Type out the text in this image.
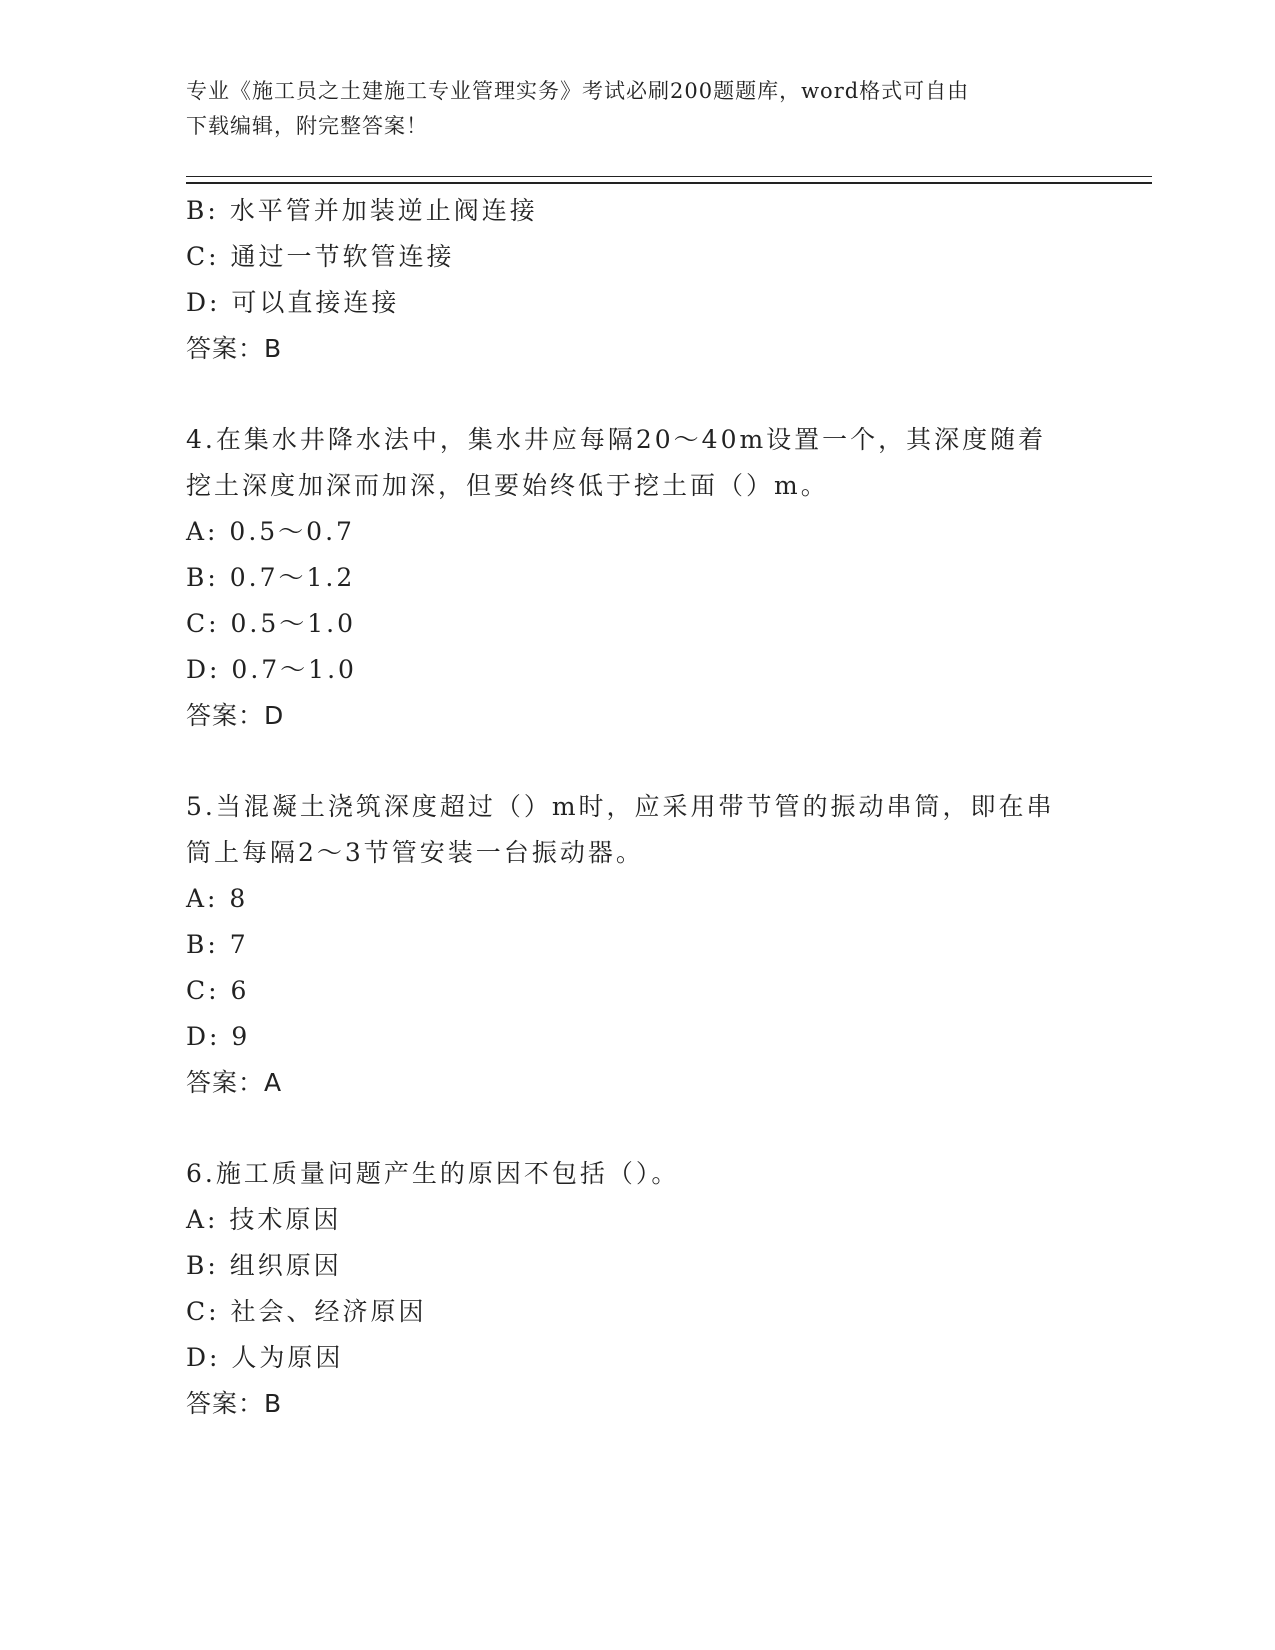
专业《施工员之土建施工专业管理实务》考试必刷200题题库，word格式可自由
下载编辑，附完整答案！
B: 水平管并加装逆止阀连接
C: 通过一节软管连接
D: 可以直接连接
答案：B
4.在集水井降水法中，集水井应每隔20～40m设置一个，其深度随着
挖土深度加深而加深，但要始终低于挖土面（）m。
A: 0.5～0.7
B: 0.7～1.2
C: 0.5～1.0
D: 0.7～1.0
答案：D
5.当混凝土浇筑深度超过（）m时，应采用带节管的振动串筒，即在串
筒上每隔2～3节管安装一台振动器。
A: 8
B: 7
C: 6
D: 9
答案：A
6.施工质量问题产生的原因不包括（）。
A: 技术原因
B: 组织原因
C: 社会、经济原因
D: 人为原因
答案：B
